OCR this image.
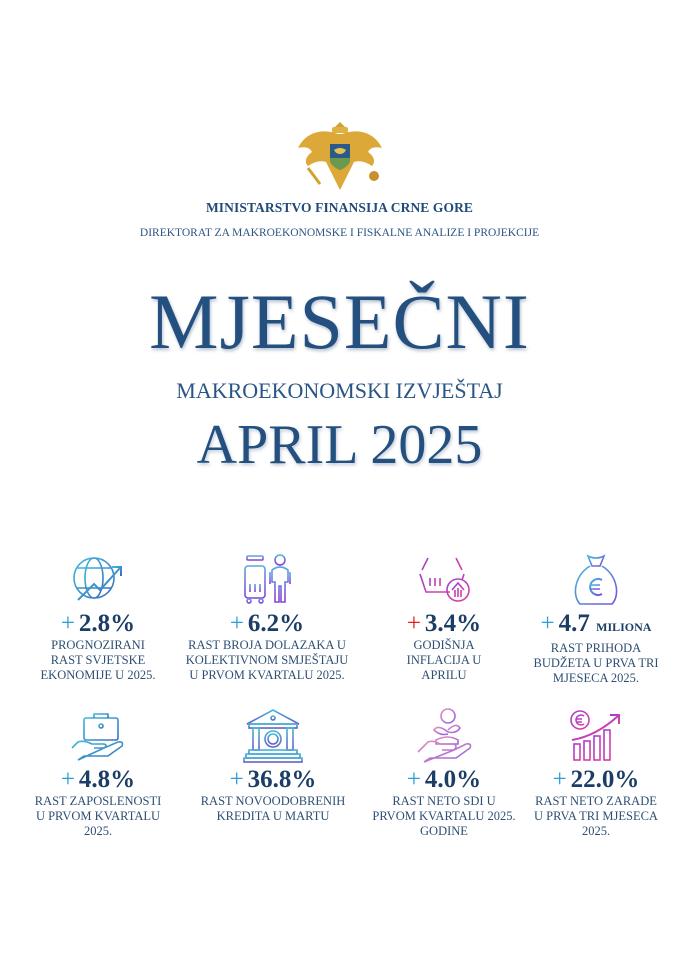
MINISTARSTVO FINANSIJA CRNE GORE
DIREKTORAT ZA MAKROEKONOMSKE I FISKALNE ANALIZE I PROJEKCIJE
MJESEČNI
MAKROEKONOMSKI IZVJEŠTAJ
APRIL 2025
+ 2.8%
PROGNOZIRANI
RAST SVJETSKE
EKONOMIJE U 2025.
+ 6.2%
RAST BROJA DOLAZAKA U
KOLEKTIVNOM SMJEŠTAJU
U PRVOM KVARTALU 2025.
+ 3.4%
GODIŠNJA
INFLACIJA U
APRILU
+ 4.7 MILIONA
RAST PRIHODA
BUDŽETA U PRVA TRI
MJESECA 2025.
+ 4.8%
RAST ZAPOSLENOSTI
U PRVOM KVARTALU
2025.
+ 36.8%
RAST NOVOODOBRENIH
KREDITA U MARTU
+ 4.0%
RAST NETO SDI U
PRVOM KVARTALU 2025.
GODINE
+ 22.0%
RAST NETO ZARADE
U PRVA TRI MJESECA
2025.
